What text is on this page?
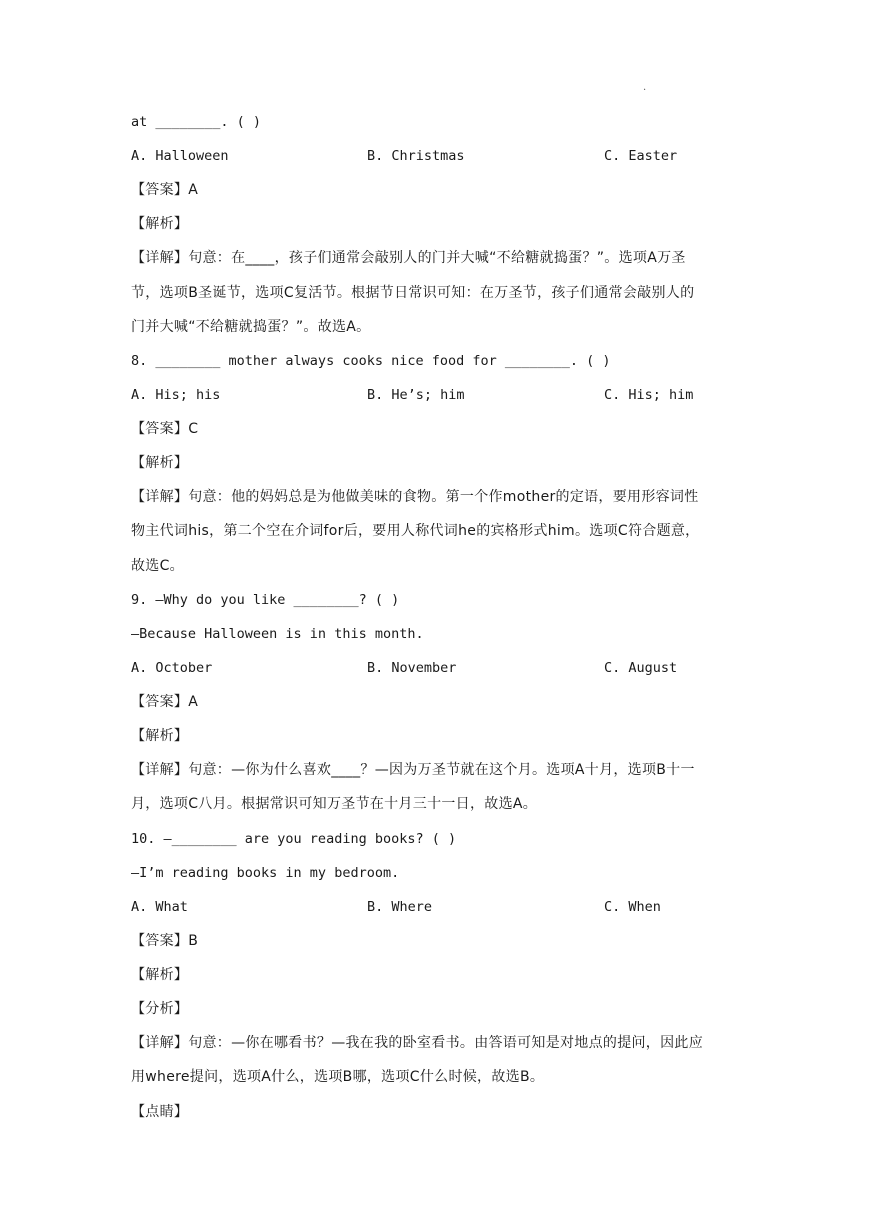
.
at ________. ( )
A. Halloween	B. Christmas	C. Easter
【答案】A
【解析】
【详解】句意：在____，孩子们通常会敲别人的门并大喊“不给糖就捣蛋？”。选项A万圣
节，选项B圣诞节，选项C复活节。根据节日常识可知：在万圣节，孩子们通常会敲别人的
门并大喊“不给糖就捣蛋？”。故选A。
8. ________ mother always cooks nice food for ________. ( )
A. His; his	B. He’s; him	C. His; him
【答案】C
【解析】
【详解】句意：他的妈妈总是为他做美味的食物。第一个作mother的定语，要用形容词性
物主代词his，第二个空在介词for后，要用人称代词he的宾格形式him。选项C符合题意，
故选C。
9. —Why do you like ________? ( )
—Because Halloween is in this month.
A. October	B. November	C. August
【答案】A
【解析】
【详解】句意：—你为什么喜欢____？—因为万圣节就在这个月。选项A十月，选项B十一
月，选项C八月。根据常识可知万圣节在十月三十一日，故选A。
10. —________ are you reading books? ( )
—I’m reading books in my bedroom.
A. What	B. Where	C. When
【答案】B
【解析】
【分析】
【详解】句意：—你在哪看书？—我在我的卧室看书。由答语可知是对地点的提问，因此应
用where提问，选项A什么，选项B哪，选项C什么时候，故选B。
【点睛】
